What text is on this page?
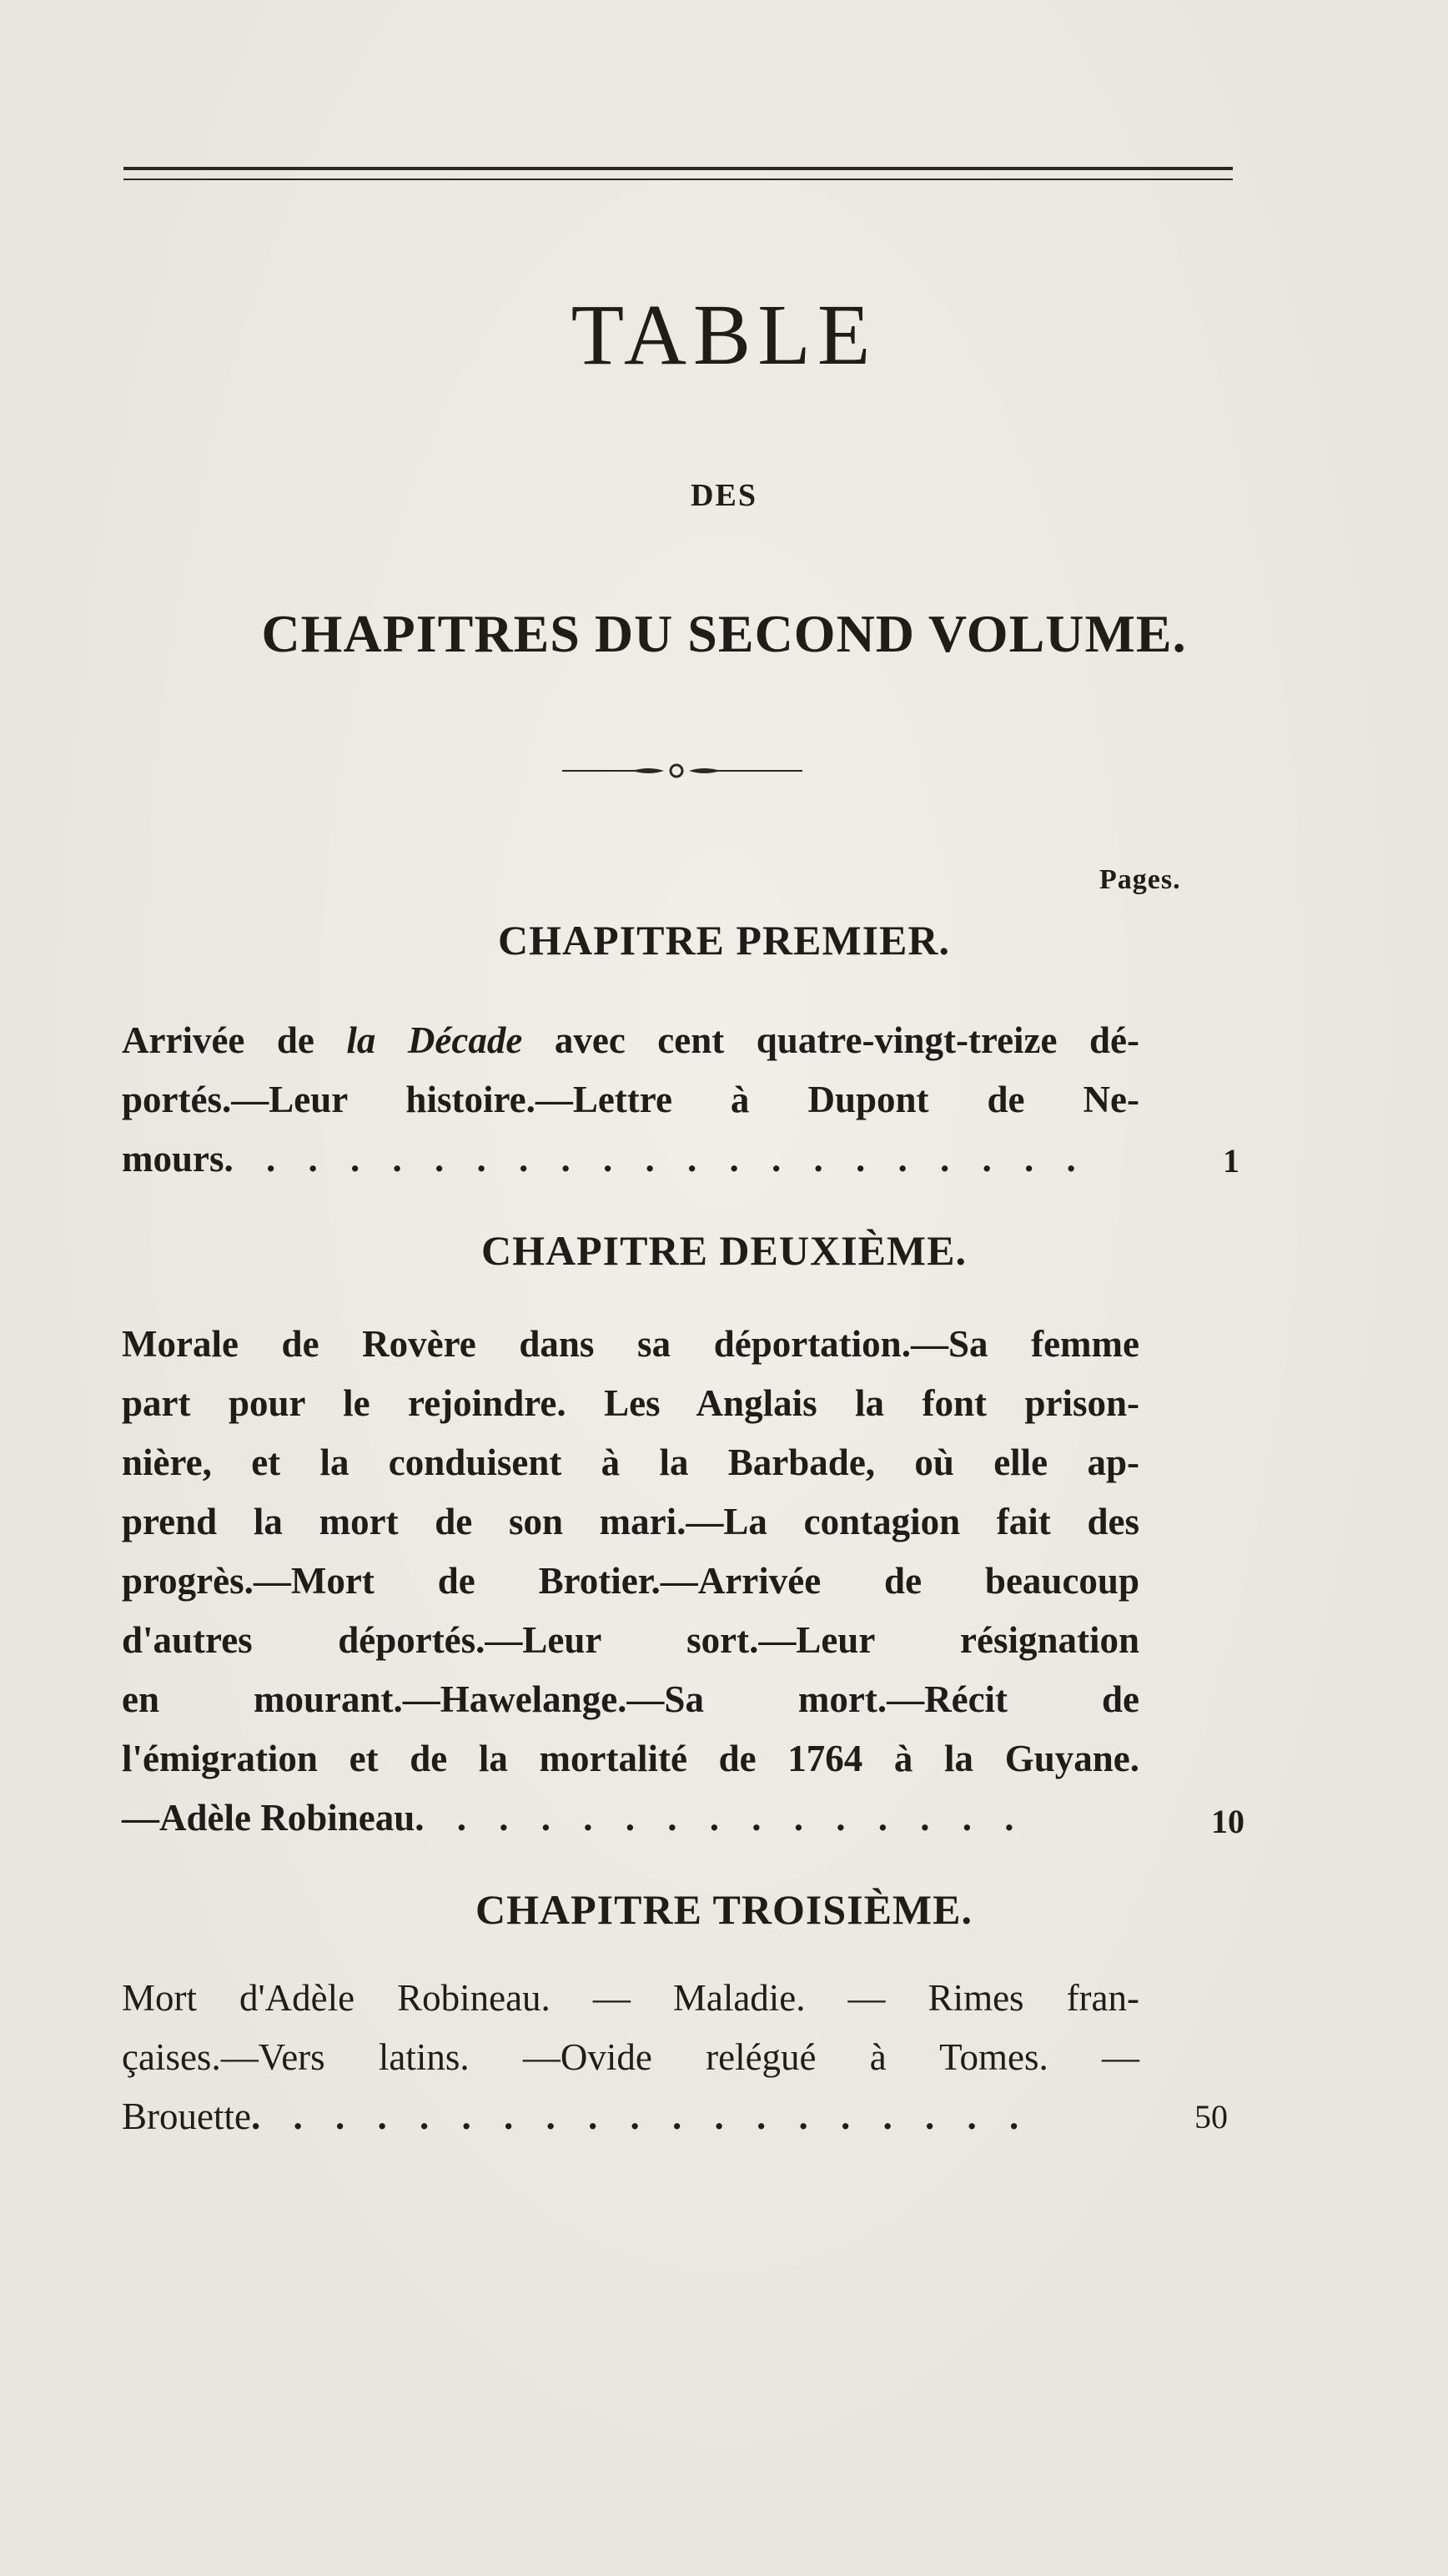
TABLE
DES
CHAPITRES DU SECOND VOLUME.
Pages.
CHAPITRE PREMIER.
Arrivée de la Décade avec cent quatre-vingt-treize dé-
portés.—Leur histoire.—Lettre à Dupont de Ne-
mours. . . . . . . . . . . . . . . . . . . . .	1
CHAPITRE DEUXIÈME.
Morale de Rovère dans sa déportation.—Sa femme
part pour le rejoindre. Les Anglais la font prison-
nière, et la conduisent à la Barbade, où elle ap-
prend la mort de son mari.—La contagion fait des
progrès.—Mort de Brotier.—Arrivée de beaucoup
d'autres déportés.—Leur sort.—Leur résignation
en mourant.—Hawelange.—Sa mort.—Récit de
l'émigration et de la mortalité de 1764 à la Guyane.
—Adèle Robineau. . . . . . . . . . . . . . .	10
CHAPITRE TROISIÈME.
Mort d'Adèle Robineau. — Maladie. — Rimes fran-
çaises.—Vers latins. —Ovide relégué à Tomes. —
Brouette. . . . . . . . . . . . . . . . . . .	50
